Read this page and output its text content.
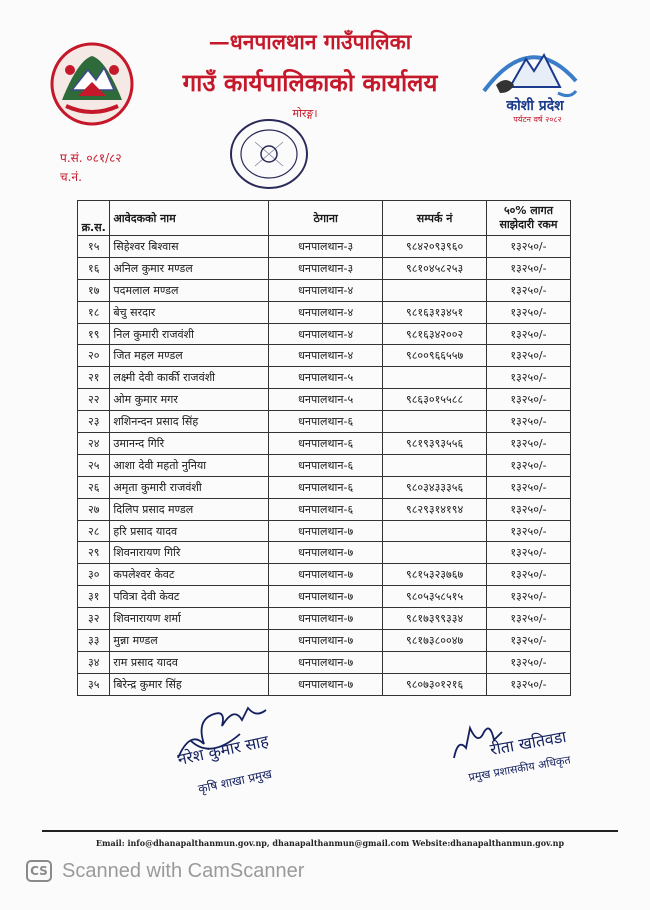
—धनपालथान गाउँपालिका
गाउँ कार्यपालिकाको कार्यालय
मोरङ्ग।	कोशी प्रदेश
पर्यटन वर्ष २०८२
प.सं. ०८१/८२
च.नं.
क्र.स.	आवेदकको नाम	ठेगाना	सम्पर्क नं	५०% लागत साझेदारी रकम
१५	सिहेश्वर बिश्वास	धनपालथान-३	९८४२०९३९६०	१३२५०/-
१६	अनिल कुमार मण्डल	धनपालथान-३	९८१०४५८२५३	१३२५०/-
१७	पदमलाल मण्डल	धनपालथान-४		१३२५०/-
१८	बेचु सरदार	धनपालथान-४	९८१६३१३४५१	१३२५०/-
१९	निल कुमारी राजवंशी	धनपालथान-४	९८१६३४२००२	१३२५०/-
२०	जित महल मण्डल	धनपालथान-४	९८००९६६५५७	१३२५०/-
२१	लक्ष्मी देवी कार्की राजवंशी	धनपालथान-५		१३२५०/-
२२	ओम कुमार मगर	धनपालथान-५	९८६३०१५५८८	१३२५०/-
२३	शशिनन्दन प्रसाद सिंह	धनपालथान-६		१३२५०/-
२४	उमानन्द गिरि	धनपालथान-६	९८१९३९३५५६	१३२५०/-
२५	आशा देवी महतो नुनिया	धनपालथान-६		१३२५०/-
२६	अमृता कुमारी राजवंशी	धनपालथान-६	९८०३४३३३५६	१३२५०/-
२७	दिलिप प्रसाद मण्डल	धनपालथान-६	९८२९३१४१९४	१३२५०/-
२८	हरि प्रसाद यादव	धनपालथान-७		१३२५०/-
२९	शिवनारायण गिरि	धनपालथान-७		१३२५०/-
३०	कपलेश्वर केवट	धनपालथान-७	९८१५३२३७६७	१३२५०/-
३१	पवित्रा देवी केवट	धनपालथान-७	९८०५३५८५१५	१३२५०/-
३२	शिवनारायण शर्मा	धनपालथान-७	९८१७३९९३३४	१३२५०/-
३३	मुन्ना मण्डल	धनपालथान-७	९८१७३८००४७	१३२५०/-
३४	राम प्रसाद यादव	धनपालथान-७		१३२५०/-
३५	बिरेन्द्र कुमार सिंह	धनपालथान-७	९८०७३०१२१६	१३२५०/-
नरेश कुमार साह
कृषि शाखा प्रमुख
रीता खतिवडा
प्रमुख प्रशासकीय अधिकृत
Email: info@dhanapalthanmun.gov.np, dhanapalthanmun@gmail.com Website:dhanapalthanmun.gov.np
CS Scanned with CamScanner
